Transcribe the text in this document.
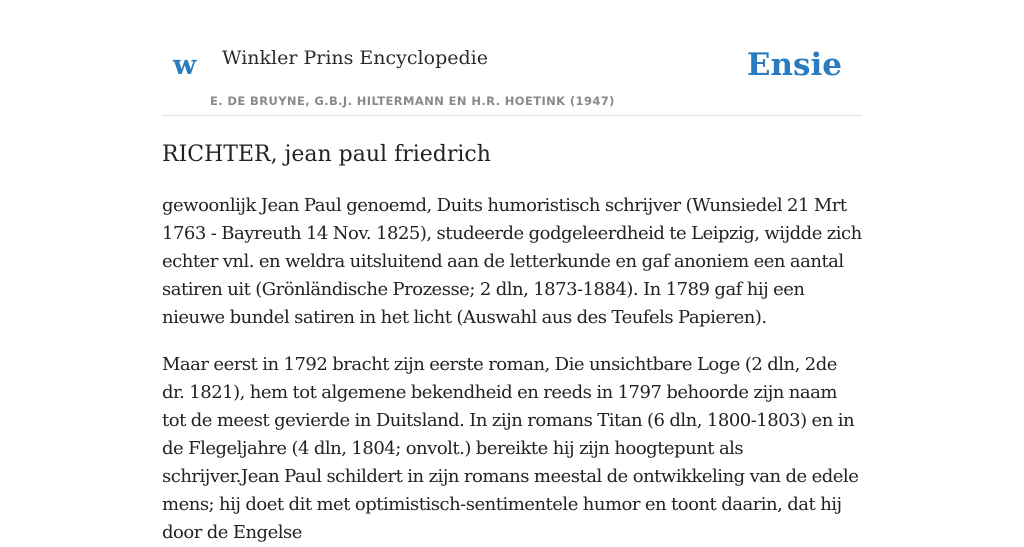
w Winkler Prins Encyclopedie
E. DE BRUYNE, G.B.J. HILTERMANN EN H.R. HOETINK (1947)
Ensie
RICHTER, jean paul friedrich

gewoonlijk Jean Paul genoemd, Duits humoristisch schrijver (Wunsiedel 21 Mrt 1763 - Bayreuth 14 Nov. 1825), studeerde godgeleerdheid te Leipzig, wijdde zich echter vnl. en weldra uitsluitend aan de letterkunde en gaf anoniem een aantal satiren uit (Grönländische Prozesse; 2 dln, 1873-1884). In 1789 gaf hij een nieuwe bundel satiren in het licht (Auswahl aus des Teufels Papieren).

Maar eerst in 1792 bracht zijn eerste roman, Die unsichtbare Loge (2 dln, 2de dr. 1821), hem tot algemene bekendheid en reeds in 1797 behoorde zijn naam tot de meest gevierde in Duitsland. In zijn romans Titan (6 dln, 1800-1803) en in de Flegeljahre (4 dln, 1804; onvolt.) bereikte hij zijn hoogtepunt als schrijver.Jean Paul schildert in zijn romans meestal de ontwikkeling van de edele mens; hij doet dit met optimistisch-sentimentele humor en toont daarin, dat hij door de Engelse
